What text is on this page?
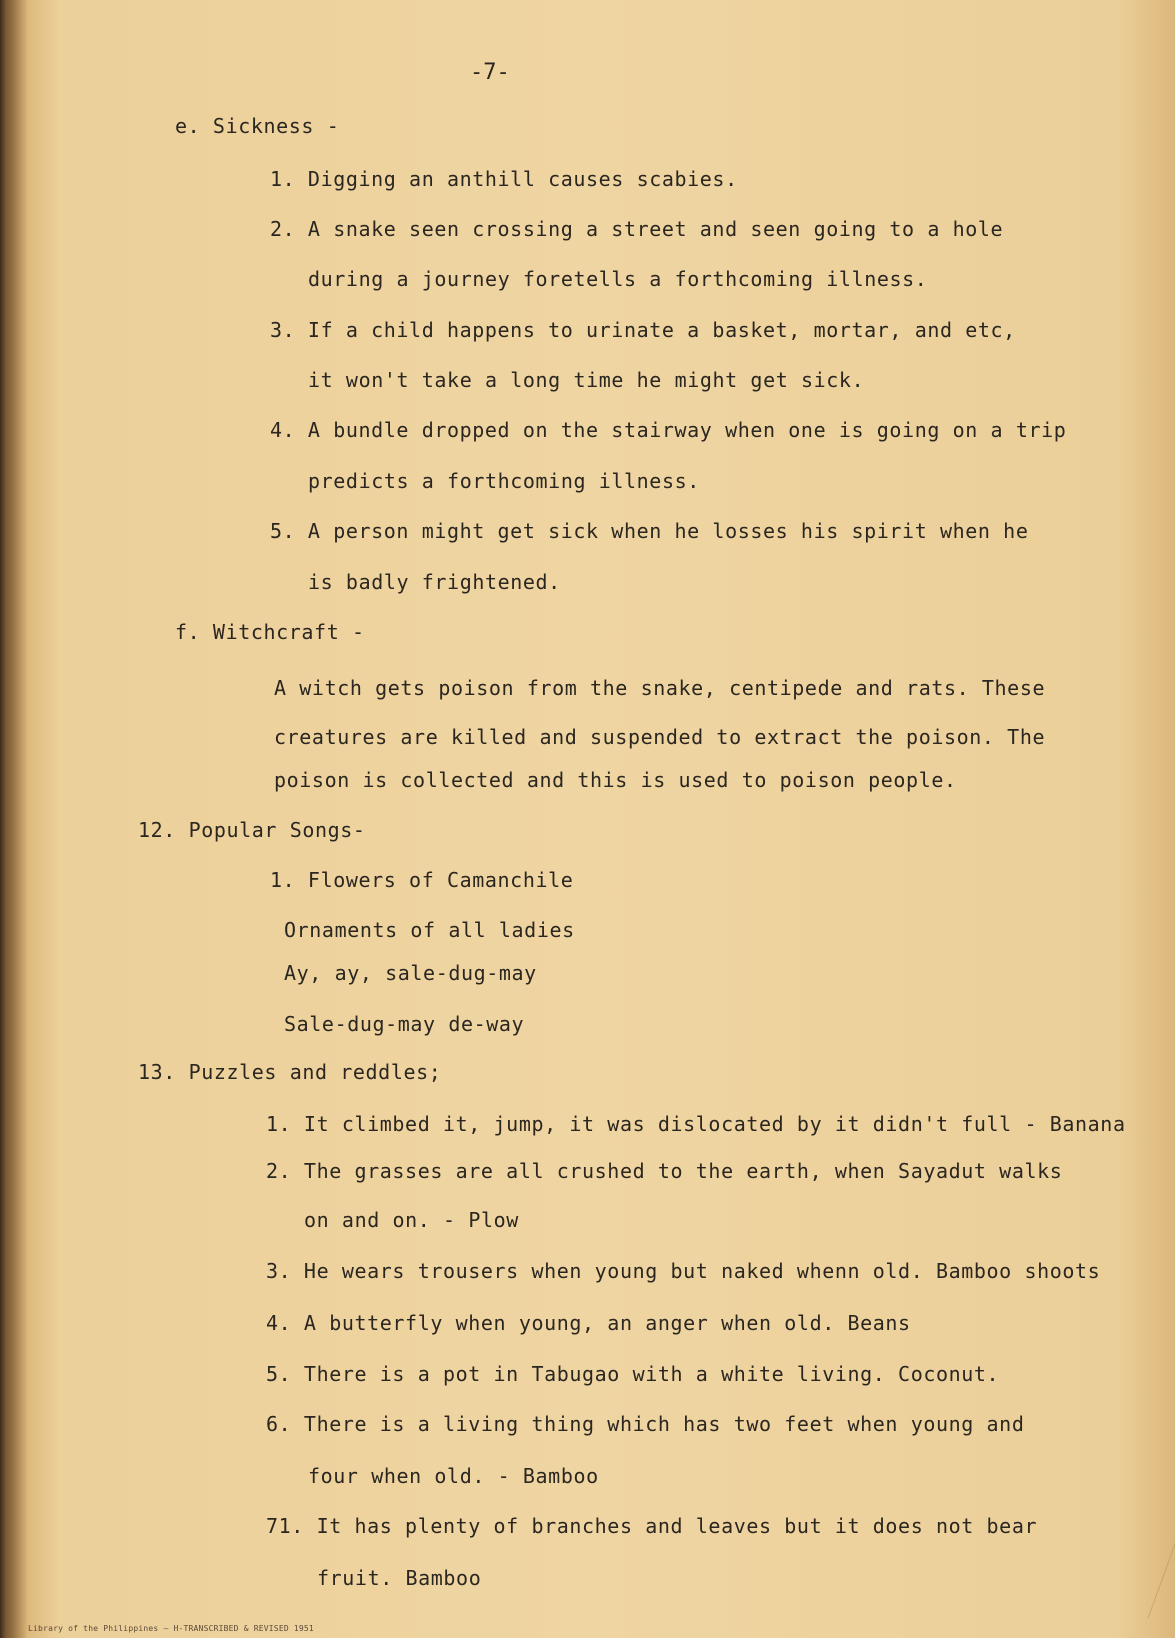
-7-
e. Sickness -
1. Digging an anthill causes scabies.
2. A snake seen crossing a street and seen going to a hole
during a journey foretells a forthcoming illness.
3. If a child happens to urinate a basket, mortar, and etc,
it won't take a long time he might get sick.
4. A bundle dropped on the stairway when one is going on a trip
predicts a forthcoming illness.
5. A person might get sick when he losses his spirit when he
is badly frightened.
f. Witchcraft -
A witch gets poison from the snake, centipede and rats. These
creatures are killed and suspended to extract the poison. The
poison is collected and this is used to poison people.
12. Popular Songs-
1. Flowers of Camanchile
Ornaments of all ladies
Ay, ay, sale-dug-may
Sale-dug-may de-way
13. Puzzles and reddles;
1. It climbed it, jump, it was dislocated by it didn't full - Banana
2. The grasses are all crushed to the earth, when Sayadut walks
on and on. - Plow
3. He wears trousers when young but naked whenn old. Bamboo shoots
4. A butterfly when young, an anger when old. Beans
5. There is a pot in Tabugao with a white living. Coconut.
6. There is a living thing which has two feet when young and
four when old. - Bamboo
71. It has plenty of branches and leaves but it does not bear
fruit. Bamboo
Library of the Philippines — H-TRANSCRIBED & REVISED 1951
